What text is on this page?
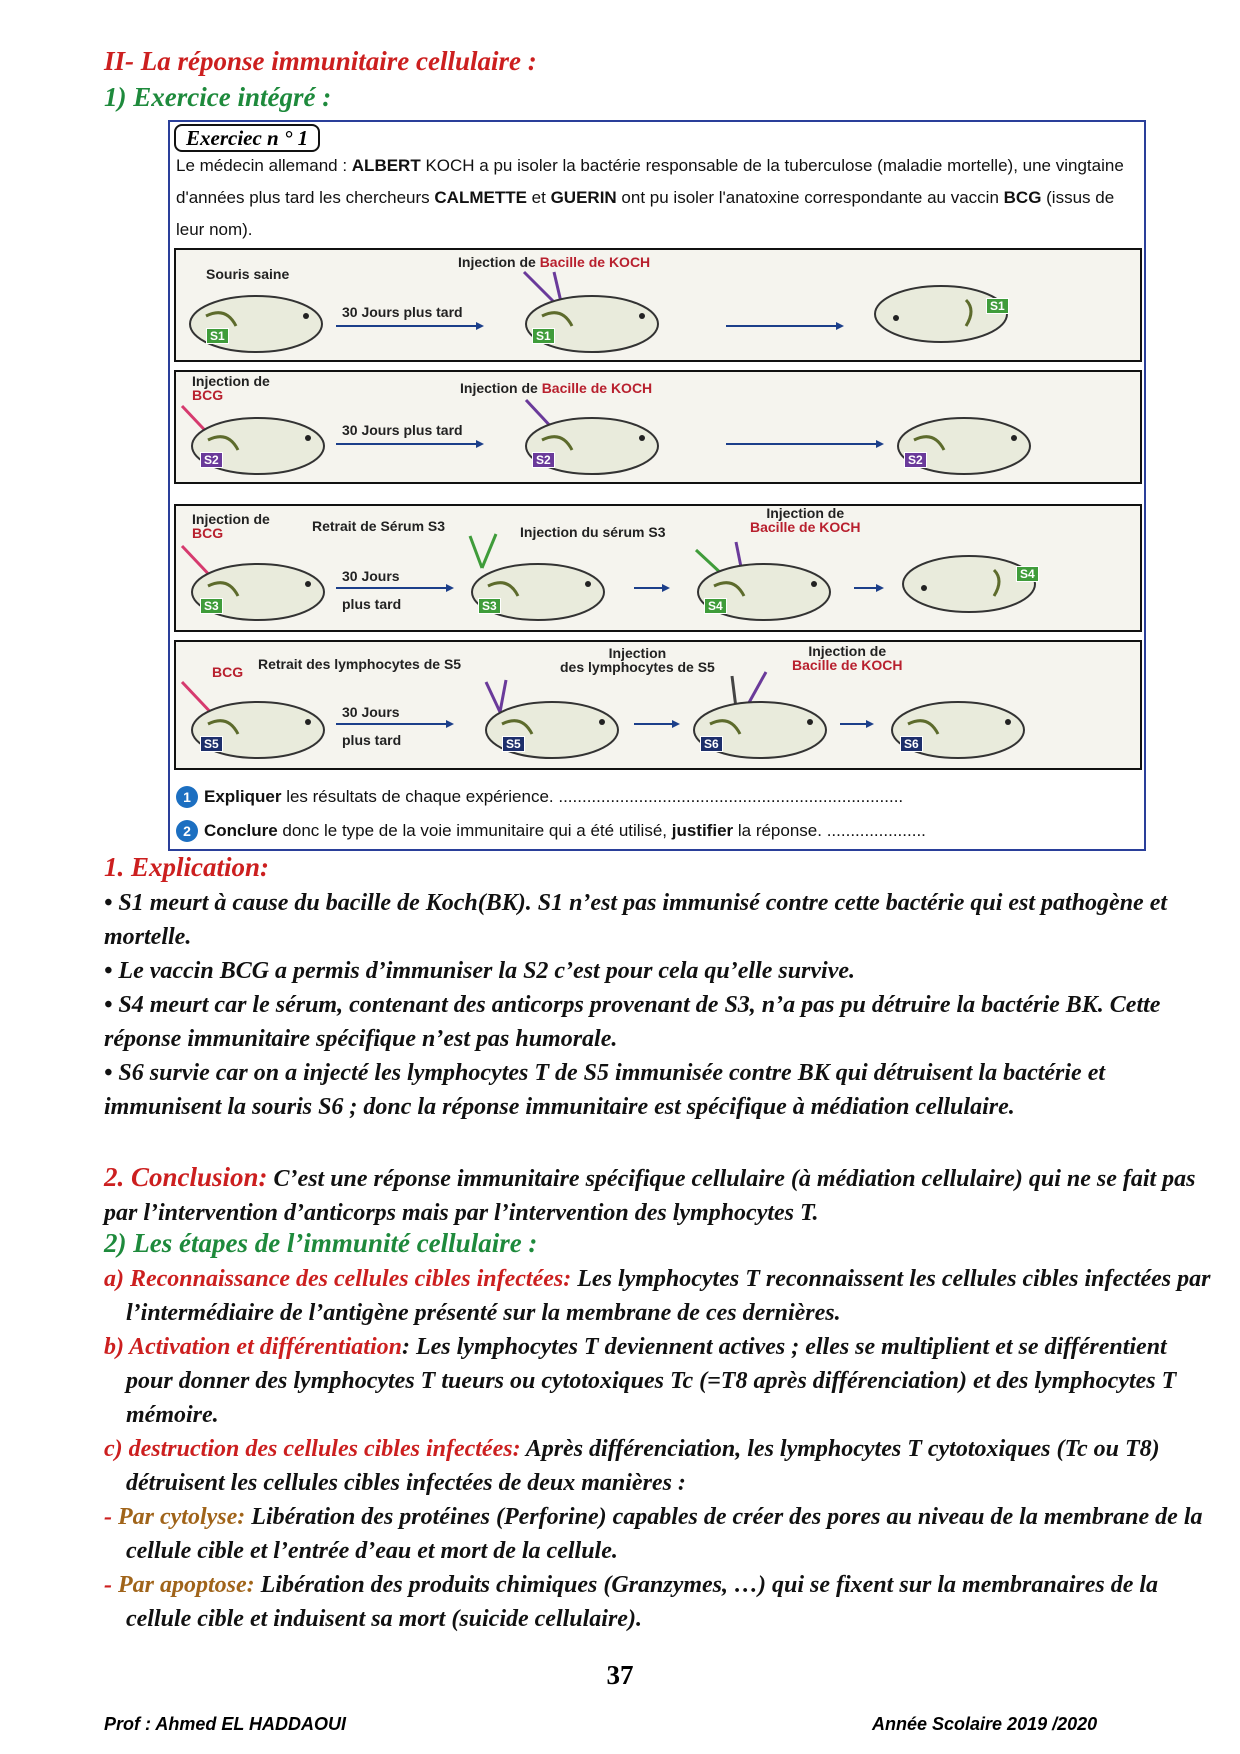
II- La réponse immunitaire cellulaire :
1) Exercice intégré :
Exerciec n ° 1
Le médecin allemand : ALBERT KOCH a pu isoler la bactérie responsable de la tuberculose (maladie mortelle), une vingtaine d'années plus tard les chercheurs CALMETTE et GUERIN ont pu isoler l'anatoxine correspondante au vaccin BCG (issus de leur nom).
Souris saine
Injection de Bacille de KOCH
30 Jours plus tard
S1	S1
S1
Injection de
BCG	Injection de Bacille de KOCH
30 Jours plus tard
S2	S2	S2
Injection de
BCG	Retrait de Sérum S3	Injection du sérum S3
Injection de
Bacille de KOCH
30 Jours
plus tard
S3	S3	S4
S4
BCG Retrait des lymphocytes de S5
Injection
des lymphocytes de S5
Injection de
Bacille de KOCH
30 Jours
plus tard
S5	S5	S6	S6
1 Expliquer les résultats de chaque expérience. .........................................................................
2 Conclure donc le type de la voie immunitaire qui a été utilisé, justifier la réponse. .....................
1. Explication:
• S1 meurt à cause du bacille de Koch(BK). S1 n’est pas immunisé contre cette bactérie qui est pathogène et mortelle.
• Le vaccin BCG a permis d’immuniser la S2 c’est pour cela qu’elle survive.
• S4 meurt car le sérum, contenant des anticorps provenant de S3, n’a pas pu détruire la bactérie BK. Cette réponse immunitaire spécifique n’est pas humorale.
• S6 survie car on a injecté les lymphocytes T de S5 immunisée contre BK qui détruisent la bactérie et immunisent la souris S6 ; donc la réponse immunitaire est spécifique à médiation cellulaire.
2. Conclusion: C’est une réponse immunitaire spécifique cellulaire (à médiation cellulaire) qui ne se fait pas par l’intervention d’anticorps mais par l’intervention des lymphocytes T.
2) Les étapes de l’immunité cellulaire :
a) Reconnaissance des cellules cibles infectées: Les lymphocytes T reconnaissent les cellules cibles infectées par l’intermédiaire de l’antigène présenté sur la membrane de ces dernières.
b) Activation et différentiation: Les lymphocytes T deviennent actives ; elles se multiplient et se différentient pour donner des lymphocytes T tueurs ou cytotoxiques Tc (=T8 après différenciation) et des lymphocytes T mémoire.
c) destruction des cellules cibles infectées: Après différenciation, les lymphocytes T cytotoxiques (Tc ou T8) détruisent les cellules cibles infectées de deux manières :
- Par cytolyse: Libération des protéines (Perforine) capables de créer des pores au niveau de la membrane de la cellule cible et l’entrée d’eau et mort de la cellule.
- Par apoptose: Libération des produits chimiques (Granzymes, …) qui se fixent sur la membranaires de la cellule cible et induisent sa mort (suicide cellulaire).
37
Prof : Ahmed EL HADDAOUI	Année Scolaire 2019 /2020
